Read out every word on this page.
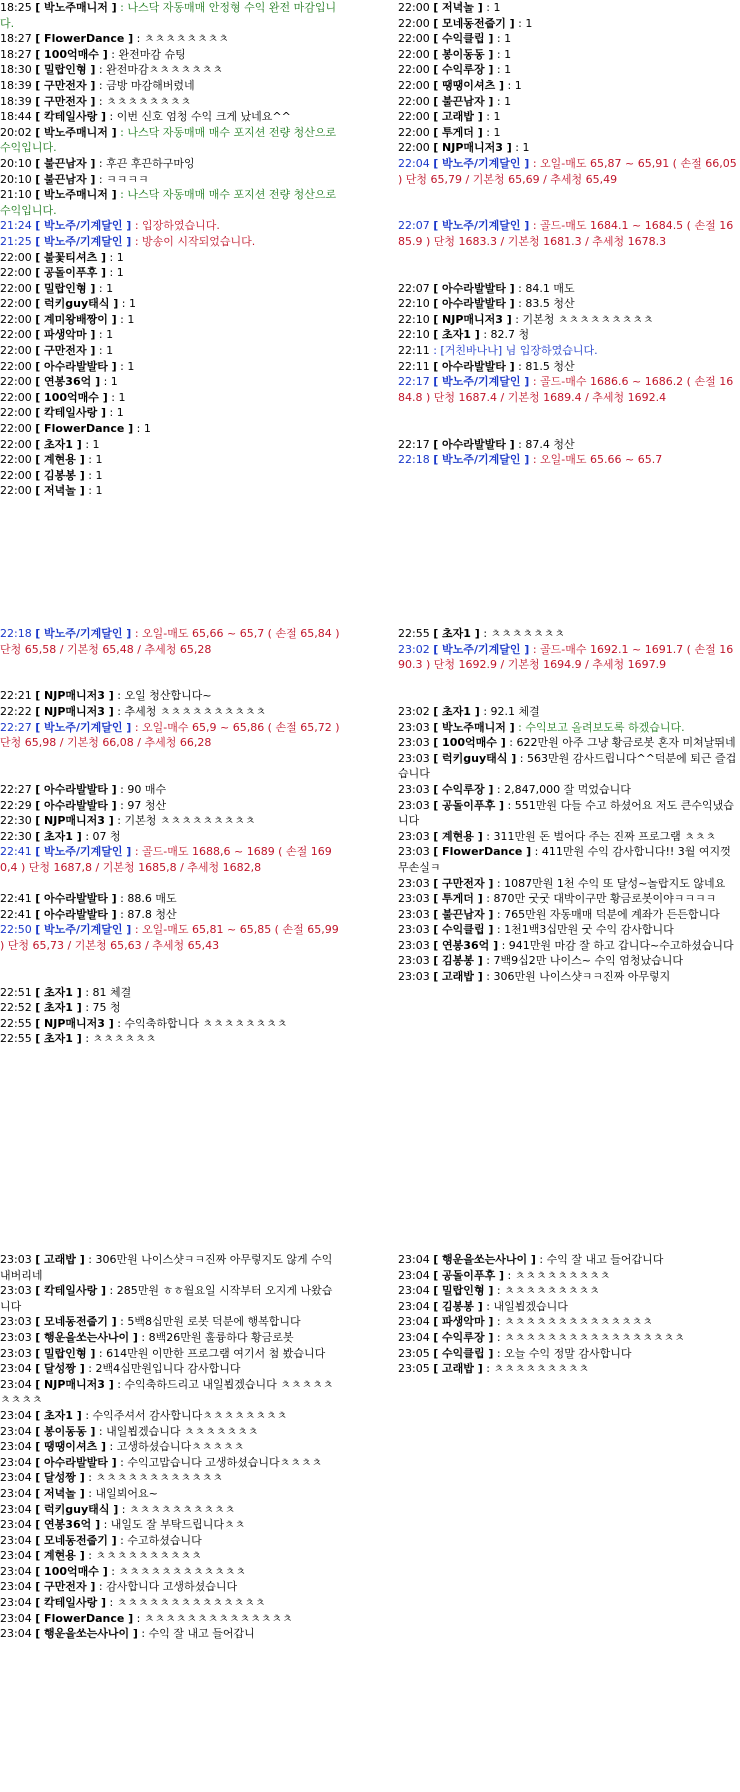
18:25 [ 박노주매니저 ] : 나스닥 자동매매 안정형 수익 완전 마감입니다.

18:27 [ FlowerDance ] : ㅊㅊㅊㅊㅊㅊㅊㅊ

18:27 [ 100억매수 ] : 완전마감 슈팅

18:30 [ 밀랍인형 ] : 완전마감ㅊㅊㅊㅊㅊㅊㅊ

18:39 [ 구만전자 ] : 금방 마감해버렸네

18:39 [ 구만전자 ] : ㅊㅊㅊㅊㅊㅊㅊㅊ

18:44 [ 칵테일사랑 ] : 이번 신호 엄청 수익 크게 났네요^^

20:02 [ 박노주매니저 ] : 나스닥 자동매매 매수 포지션 전량 청산으로 수익입니다.

20:10 [ 불끈남자 ] : 후끈 후끈하구마잉

20:10 [ 불끈남자 ] : ㅋㅋㅋㅋ

21:10 [ 박노주매니저 ] : 나스닥 자동매매 매수 포지션 전량 청산으로 수익입니다.

21:24 [ 박노주/기계달인 ] : 입장하였습니다.

21:25 [ 박노주/기계달인 ] : 방송이 시작되었습니다.

22:00 [ 불꽃티셔츠 ] : 1

22:00 [ 공돌이푸후 ] : 1

22:00 [ 밀랍인형 ] : 1

22:00 [ 럭키guy태식 ] : 1

22:00 [ 계미왕배짱이 ] : 1

22:00 [ 파생악마 ] : 1

22:00 [ 구만전자 ] : 1

22:00 [ 아수라발발타 ] : 1

22:00 [ 연봉36억 ] : 1

22:00 [ 100억매수 ] : 1

22:00 [ 칵테일사랑 ] : 1

22:00 [ FlowerDance ] : 1

22:00 [ 초자1 ] : 1

22:00 [ 계현용 ] : 1

22:00 [ 김봉봉 ] : 1

22:00 [ 저녁놀 ] : 1

22:00 [ 저녁놀 ] : 1

22:00 [ 모네동전줍기 ] : 1

22:00 [ 수익클립 ] : 1

22:00 [ 봉이동동 ] : 1

22:00 [ 수익루장 ] : 1

22:00 [ 땡땡이셔츠 ] : 1

22:00 [ 불끈남자 ] : 1

22:00 [ 고래밥 ] : 1

22:00 [ 투게더 ] : 1

22:00 [ NJP매니저3 ] : 1

22:04 [ 박노주/기계달인 ] : 오일-매도 65,87 ~ 65,91 ( 손절 66,05 ) 단청 65,79 / 기본청 65,69 / 추세청 65,49

22:07 [ 박노주/기계달인 ] : 골드-매도 1684.1 ~ 1684.5 ( 손절 1685.9 ) 단청 1683.3 / 기본청 1681.3 / 추세청 1678.3

22:07 [ 아수라발발타 ] : 84.1 매도

22:10 [ 아수라발발타 ] : 83.5 청산

22:10 [ NJP매니저3 ] : 기본청 ㅊㅊㅊㅊㅊㅊㅊㅊㅊ

22:10 [ 초자1 ] : 82.7 청

22:11 : [거친바나나] 님 입장하였습니다.

22:11 [ 아수라발발타 ] : 81.5 청산

22:17 [ 박노주/기계달인 ] : 골드-매수 1686.6 ~ 1686.2 ( 손절 1684.8 ) 단청 1687.4 / 기본청 1689.4 / 추세청 1692.4

22:17 [ 아수라발발타 ] : 87.4 청산

22:18 [ 박노주/기계달인 ] : 오일-매도 65.66 ~ 65.7

22:18 [ 박노주/기계달인 ] : 오일-매도 65,66 ~ 65,7 ( 손절 65,84 ) 단청 65,58 / 기본청 65,48 / 추세청 65,28

22:21 [ NJP매니저3 ] : 오일 청산합니다~

22:22 [ NJP매니저3 ] : 추세청 ㅊㅊㅊㅊㅊㅊㅊㅊㅊㅊ

22:27 [ 박노주/기계달인 ] : 오일-매수 65,9 ~ 65,86 ( 손절 65,72 ) 단청 65,98 / 기본청 66,08 / 추세청 66,28

22:27 [ 아수라발발타 ] : 90 매수

22:29 [ 아수라발발타 ] : 97 청산

22:30 [ NJP매니저3 ] : 기본청 ㅊㅊㅊㅊㅊㅊㅊㅊㅊ

22:30 [ 초자1 ] : 07 청

22:41 [ 박노주/기계달인 ] : 골드-매도 1688,6 ~ 1689 ( 손절 1690,4 ) 단청 1687,8 / 기본청 1685,8 / 추세청 1682,8

22:41 [ 아수라발발타 ] : 88.6 매도

22:41 [ 아수라발발타 ] : 87.8 청산

22:50 [ 박노주/기계달인 ] : 오일-매도 65,81 ~ 65,85 ( 손절 65,99 ) 단청 65,73 / 기본청 65,63 / 추세청 65,43

22:51 [ 초자1 ] : 81 체결

22:52 [ 초자1 ] : 75 청

22:55 [ NJP매니저3 ] : 수익축하합니다 ㅊㅊㅊㅊㅊㅊㅊㅊ

22:55 [ 초자1 ] : ㅊㅊㅊㅊㅊㅊ

22:55 [ 초자1 ] : ㅊㅊㅊㅊㅊㅊㅊ

23:02 [ 박노주/기계달인 ] : 골드-매수 1692.1 ~ 1691.7 ( 손절 1690.3 ) 단청 1692.9 / 기본청 1694.9 / 추세청 1697.9

23:02 [ 초자1 ] : 92.1 체결

23:03 [ 박노주매니저 ] : 수익보고 올려보도록 하겠습니다.

23:03 [ 100억매수 ] : 622만원 아주 그냥 황금로봇 혼자 미쳐날뛰네

23:03 [ 럭키guy태식 ] : 563만원 감사드립니다^^덕분에 퇴근 즐겁습니다

23:03 [ 수익루장 ] : 2,847,000 잘 먹었습니다

23:03 [ 공돌이푸후 ] : 551만원 다들 수고 하셨어요 저도 큰수익냈습니다

23:03 [ 계현용 ] : 311만원 돈 벌어다 주는 진짜 프로그램 ㅊㅊㅊ

23:03 [ FlowerDance ] : 411만원 수익 감사합니다!! 3월 여지껏 무손실ㅋ

23:03 [ 구만전자 ] : 1087만원 1천 수익 또 달성~놀랍지도 않네요

23:03 [ 투게더 ] : 870만 굿굿 대박이구만 황금로봇이야ㅋㅋㅋㅋ

23:03 [ 불끈남자 ] : 765만원 자동매매 덕분에 계좌가 든든합니다

23:03 [ 수익클립 ] : 1천1백3십만원 굿 수익 감사합니다

23:03 [ 연봉36억 ] : 941만원 마감 잘 하고 갑니다~수고하셨습니다

23:03 [ 김봉봉 ] : 7백9십2만 나이스~ 수익 엄청났습니다

23:03 [ 고래밥 ] : 306만원 나이스샷ㅋㅋ진짜 아무렇지

23:03 [ 고래밥 ] : 306만원 나이스샷ㅋㅋ진짜 아무렇지도 않게 수익 내버리네

23:03 [ 칵테일사랑 ] : 285만원 ㅎㅎ월요일 시작부터 오지게 나왔습니다

23:03 [ 모네동전줍기 ] : 5백8십만원 로봇 덕분에 행복합니다

23:03 [ 행운을쏘는사나이 ] : 8백26만원 훌륭하다 황금로봇

23:03 [ 밀랍인형 ] : 614만원 이만한 프로그램 여기서 첨 봤습니다

23:04 [ 달성짱 ] : 2백4십만원입니다 감사합니다

23:04 [ NJP매니저3 ] : 수익축하드리고 내일뵙겠습니다 ㅊㅊㅊㅊㅊㅊㅊㅊㅊ

23:04 [ 초자1 ] : 수익주셔서 감사합니다ㅊㅊㅊㅊㅊㅊㅊㅊ

23:04 [ 봉이동동 ] : 내일뵙겠습니다 ㅊㅊㅊㅊㅊㅊㅊ

23:04 [ 땡땡이셔츠 ] : 고생하셨습니다ㅊㅊㅊㅊㅊ

23:04 [ 아수라발발타 ] : 수익고맙습니다 고생하셨습니다ㅊㅊㅊㅊ

23:04 [ 달성짱 ] : ㅊㅊㅊㅊㅊㅊㅊㅊㅊㅊㅊㅊ

23:04 [ 저녁놀 ] : 내일뵈어요~

23:04 [ 럭키guy태식 ] : ㅊㅊㅊㅊㅊㅊㅊㅊㅊㅊ

23:04 [ 연봉36억 ] : 내일도 잘 부탁드립니다ㅊㅊ

23:04 [ 모네동전줍기 ] : 수고하셨습니다

23:04 [ 계현용 ] : ㅊㅊㅊㅊㅊㅊㅊㅊㅊㅊ

23:04 [ 100억매수 ] : ㅊㅊㅊㅊㅊㅊㅊㅊㅊㅊㅊㅊ

23:04 [ 구만전자 ] : 감사합니다 고생하셨습니다

23:04 [ 칵테일사랑 ] : ㅊㅊㅊㅊㅊㅊㅊㅊㅊㅊㅊㅊㅊㅊ

23:04 [ FlowerDance ] : ㅊㅊㅊㅊㅊㅊㅊㅊㅊㅊㅊㅊㅊㅊ

23:04 [ 행운을쏘는사나이 ] : 수익 잘 내고 들어갑니

23:04 [ 행운을쏘는사나이 ] : 수익 잘 내고 들어갑니다

23:04 [ 공돌이푸후 ] : ㅊㅊㅊㅊㅊㅊㅊㅊㅊ

23:04 [ 밀랍인형 ] : ㅊㅊㅊㅊㅊㅊㅊㅊㅊ

23:04 [ 김봉봉 ] : 내일뵙겠습니다

23:04 [ 파생악마 ] : ㅊㅊㅊㅊㅊㅊㅊㅊㅊㅊㅊㅊㅊㅊ

23:04 [ 수익루장 ] : ㅊㅊㅊㅊㅊㅊㅊㅊㅊㅊㅊㅊㅊㅊㅊㅊㅊ

23:05 [ 수익클립 ] : 오늘 수익 정말 감사합니다

23:05 [ 고래밥 ] : ㅊㅊㅊㅊㅊㅊㅊㅊㅊ
